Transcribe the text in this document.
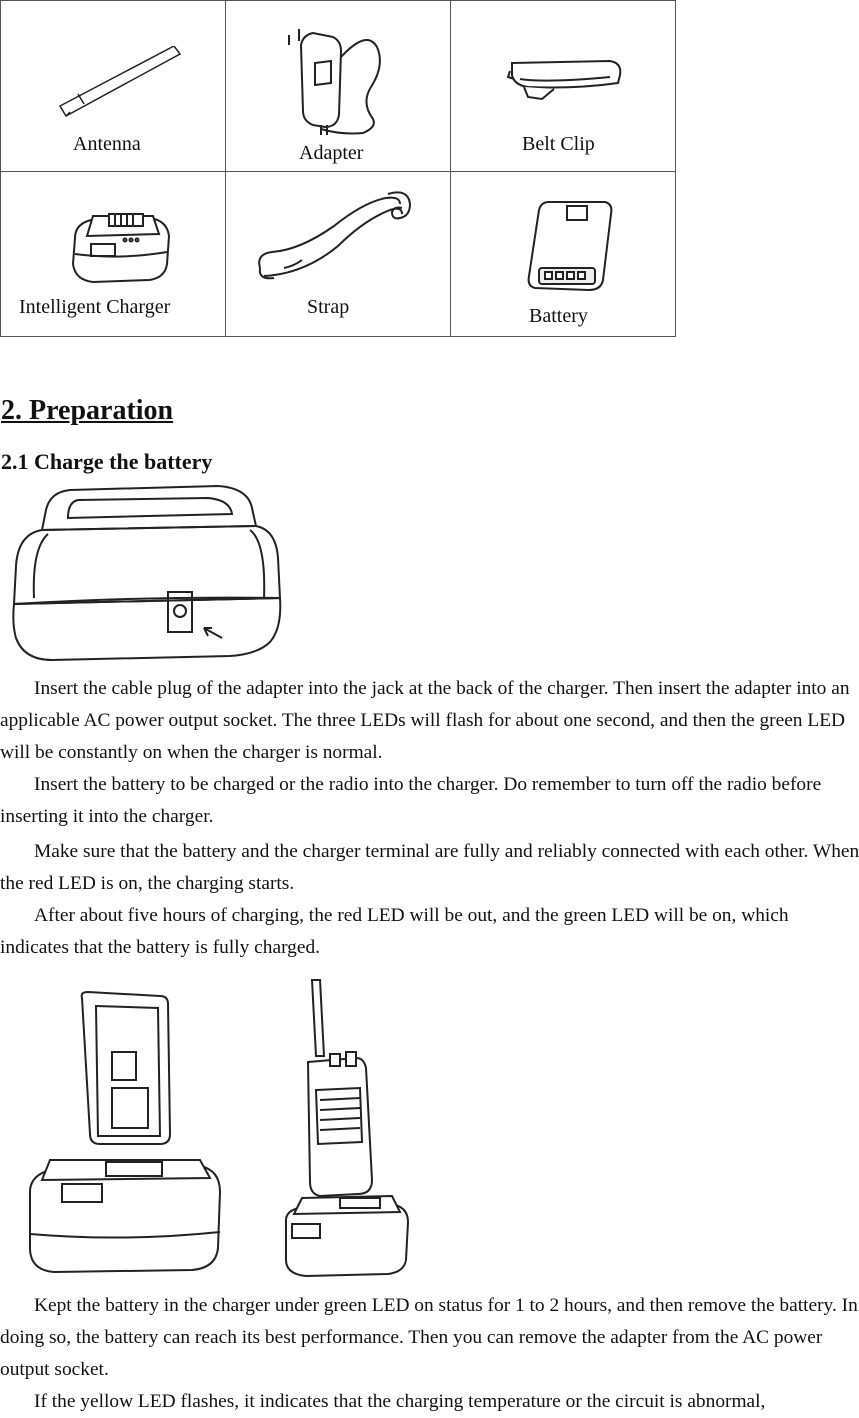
Antenna	Adapter	Belt Clip

Intelligent Charger	Strap	Battery
2. Preparation
2.1 Charge the battery

Insert the cable plug of the adapter into the jack at the back of the charger. Then insert the adapter into an applicable AC power output socket. The three LEDs will flash for about one second, and then the green LED will be constantly on when the charger is normal.

Insert the battery to be charged or the radio into the charger. Do remember to turn off the radio before inserting it into the charger.

Make sure that the battery and the charger terminal are fully and reliably connected with each other. When the red LED is on, the charging starts.

After about five hours of charging, the red LED will be out, and the green LED will be on, which indicates that the battery is fully charged.

Kept the battery in the charger under green LED on status for 1 to 2 hours, and then remove the battery. In doing so, the battery can reach its best performance. Then you can remove the adapter from the AC power output socket.

If the yellow LED flashes, it indicates that the charging temperature or the circuit is abnormal,
